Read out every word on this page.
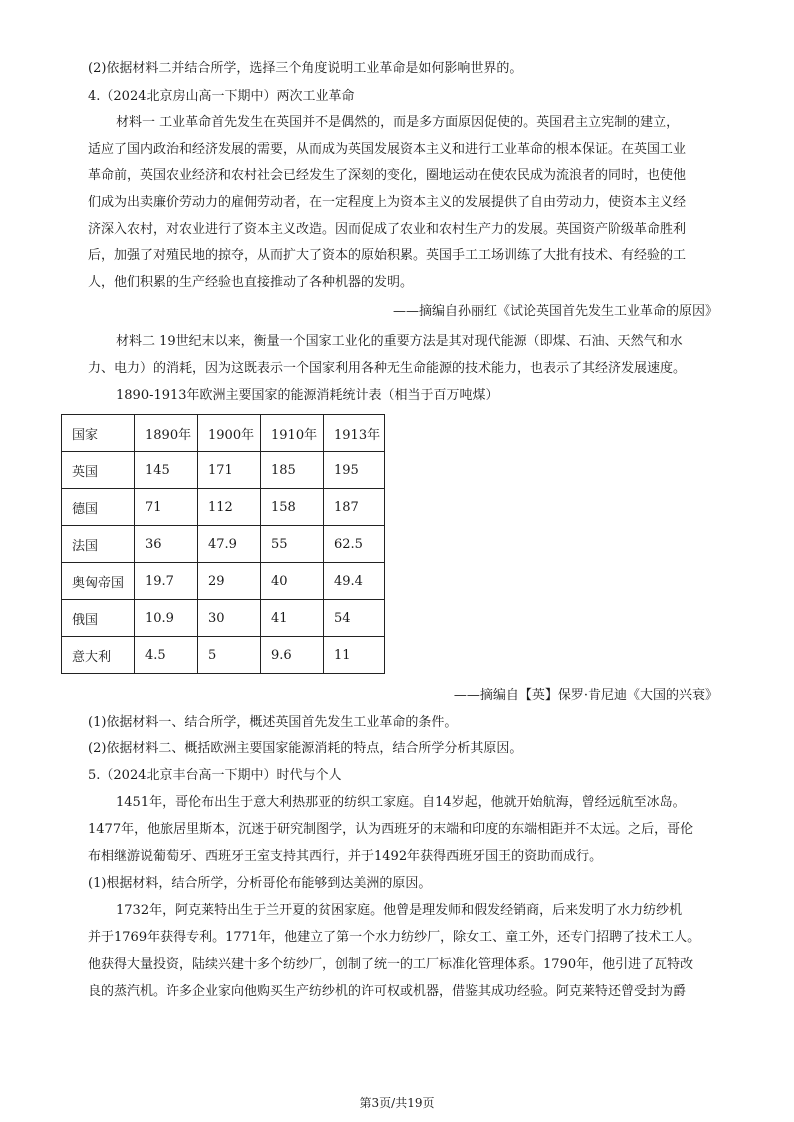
(2)依据材料二并结合所学，选择三个角度说明工业革命是如何影响世界的。
4.（2024北京房山高一下期中）两次工业革命
材料一 工业革命首先发生在英国并不是偶然的，而是多方面原因促使的。英国君主立宪制的建立，
适应了国内政治和经济发展的需要，从而成为英国发展资本主义和进行工业革命的根本保证。在英国工业
革命前，英国农业经济和农村社会已经发生了深刻的变化，圈地运动在使农民成为流浪者的同时，也使他
们成为出卖廉价劳动力的雇佣劳动者，在一定程度上为资本主义的发展提供了自由劳动力，使资本主义经
济深入农村，对农业进行了资本主义改造。因而促成了农业和农村生产力的发展。英国资产阶级革命胜利
后，加强了对殖民地的掠夺，从而扩大了资本的原始积累。英国手工工场训练了大批有技术、有经验的工
人，他们积累的生产经验也直接推动了各种机器的发明。
——摘编自孙丽红《试论英国首先发生工业革命的原因》
材料二 19世纪末以来，衡量一个国家工业化的重要方法是其对现代能源（即煤、石油、天然气和水
力、电力）的消耗，因为这既表示一个国家利用各种无生命能源的技术能力，也表示了其经济发展速度。
1890-1913年欧洲主要国家的能源消耗统计表（相当于百万吨煤）
国家	1890年	1900年	1910年	1913年
英国	145	171	185	195
德国	71	112	158	187
法国	36	47.9	55	62.5
奥匈帝国	19.7	29	40	49.4
俄国	10.9	30	41	54
意大利	4.5	5	9.6	11
——摘编自【英】保罗·肯尼迪《大国的兴衰》
(1)依据材料一、结合所学，概述英国首先发生工业革命的条件。
(2)依据材料二、概括欧洲主要国家能源消耗的特点，结合所学分析其原因。
5.（2024北京丰台高一下期中）时代与个人
1451年，哥伦布出生于意大利热那亚的纺织工家庭。自14岁起，他就开始航海，曾经远航至冰岛。
1477年，他旅居里斯本，沉迷于研究制图学，认为西班牙的末端和印度的东端相距并不太远。之后，哥伦
布相继游说葡萄牙、西班牙王室支持其西行，并于1492年获得西班牙国王的资助而成行。
(1)根据材料，结合所学，分析哥伦布能够到达美洲的原因。
1732年，阿克莱特出生于兰开夏的贫困家庭。他曾是理发师和假发经销商，后来发明了水力纺纱机
并于1769年获得专利。1771年，他建立了第一个水力纺纱厂，除女工、童工外，还专门招聘了技术工人。
他获得大量投资，陆续兴建十多个纺纱厂，创制了统一的工厂标准化管理体系。1790年，他引进了瓦特改
良的蒸汽机。许多企业家向他购买生产纺纱机的许可权或机器，借鉴其成功经验。阿克莱特还曾受封为爵
第3页/共19页
